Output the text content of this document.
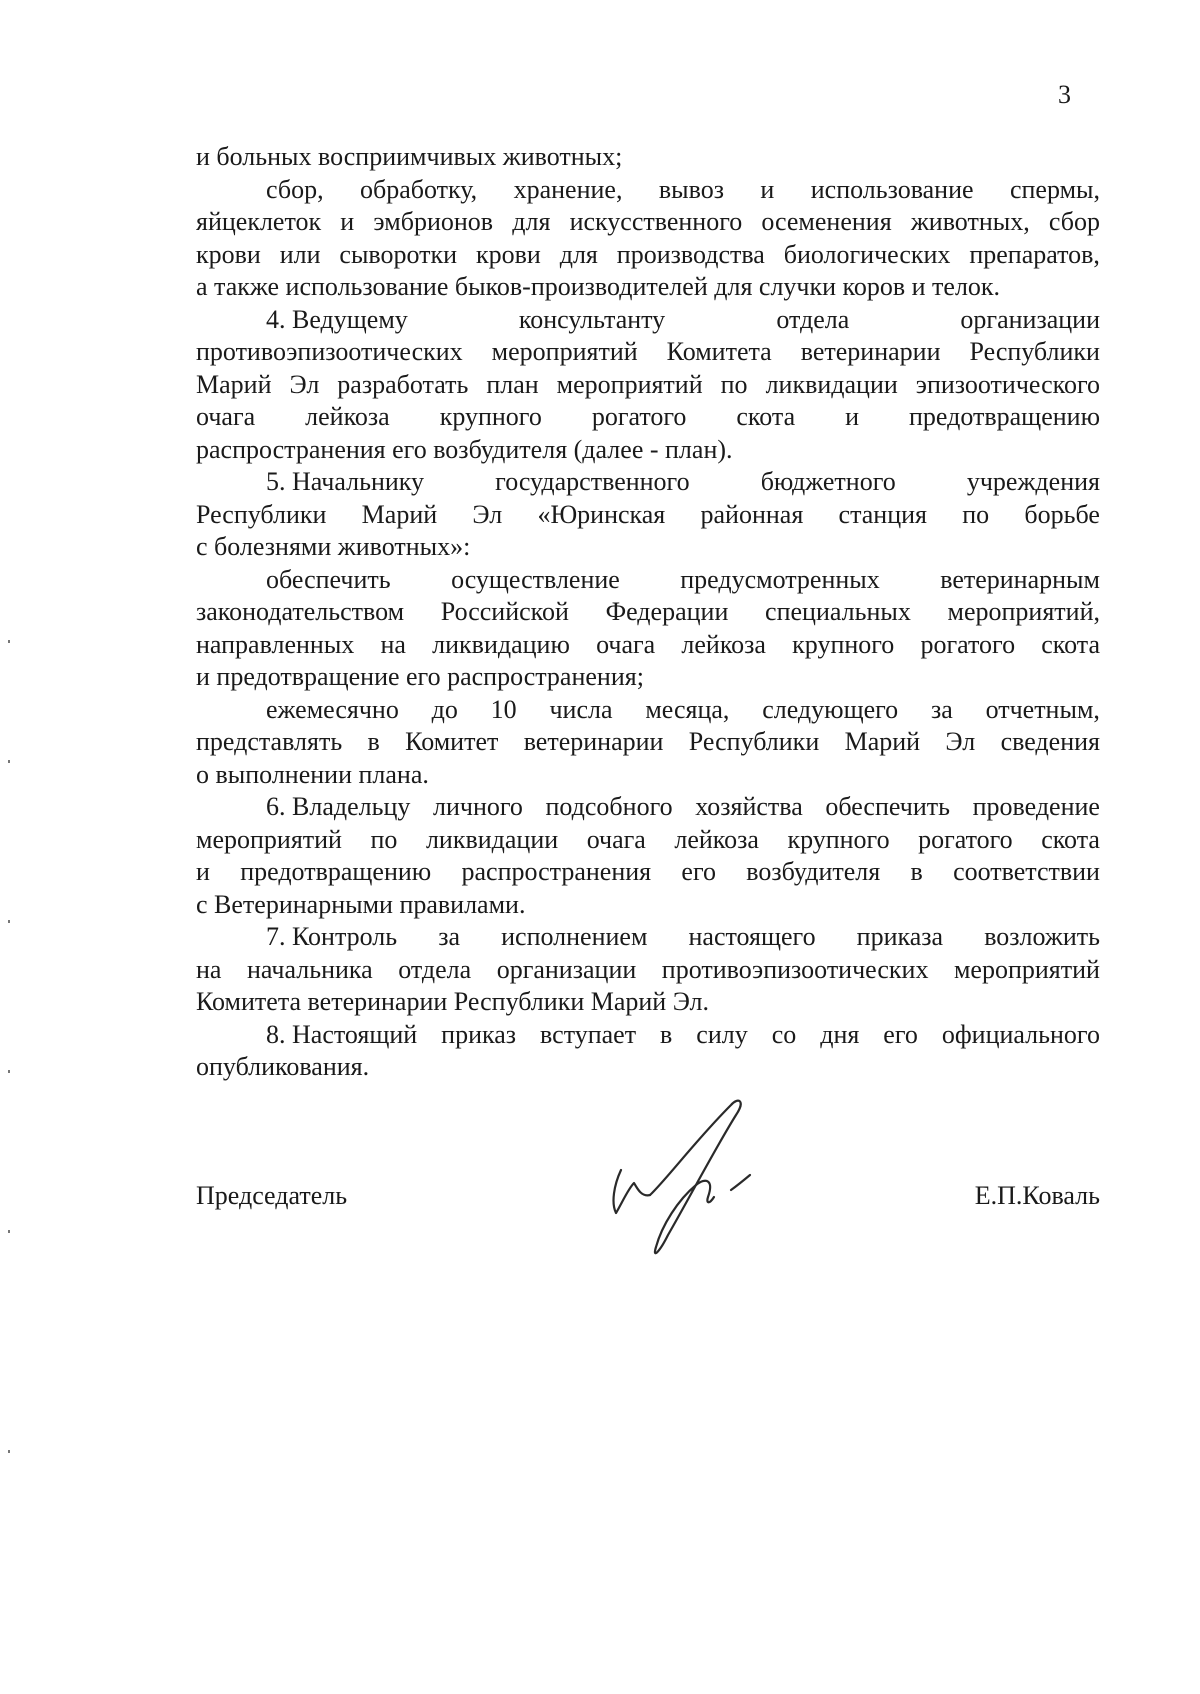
3
и больных восприимчивых животных;
сбор, обработку, хранение, вывоз и использование спермы,
яйцеклеток и эмбрионов для искусственного осеменения животных, сбор
крови или сыворотки крови для производства биологических препаратов,
а также использование быков-производителей для случки коров и телок.
4. Ведущему	консультанту	отдела	организации
противоэпизоотических мероприятий Комитета ветеринарии Республики
Марий Эл разработать план мероприятий по ликвидации эпизоотического
очага лейкоза крупного рогатого скота и предотвращению
распространения его возбудителя (далее - план).
5. Начальнику	государственного	бюджетного	учреждения
Республики Марий Эл «Юринская районная станция по борьбе
с болезнями животных»:
обеспечить осуществление предусмотренных ветеринарным
законодательством Российской Федерации специальных мероприятий,
направленных на ликвидацию очага лейкоза крупного рогатого скота
и предотвращение его распространения;
ежемесячно до 10 числа месяца, следующего за отчетным,
представлять в Комитет ветеринарии Республики Марий Эл сведения
о выполнении плана.
6. Владельцу личного подсобного хозяйства обеспечить проведение
мероприятий по ликвидации очага лейкоза крупного рогатого скота
и предотвращению распространения его возбудителя в соответствии
с Ветеринарными правилами.
7. Контроль за исполнением настоящего приказа возложить
на начальника отдела организации противоэпизоотических мероприятий
Комитета ветеринарии Республики Марий Эл.
8. Настоящий приказ вступает в силу со дня его официального
опубликования.
Председатель	Е.П.Коваль
